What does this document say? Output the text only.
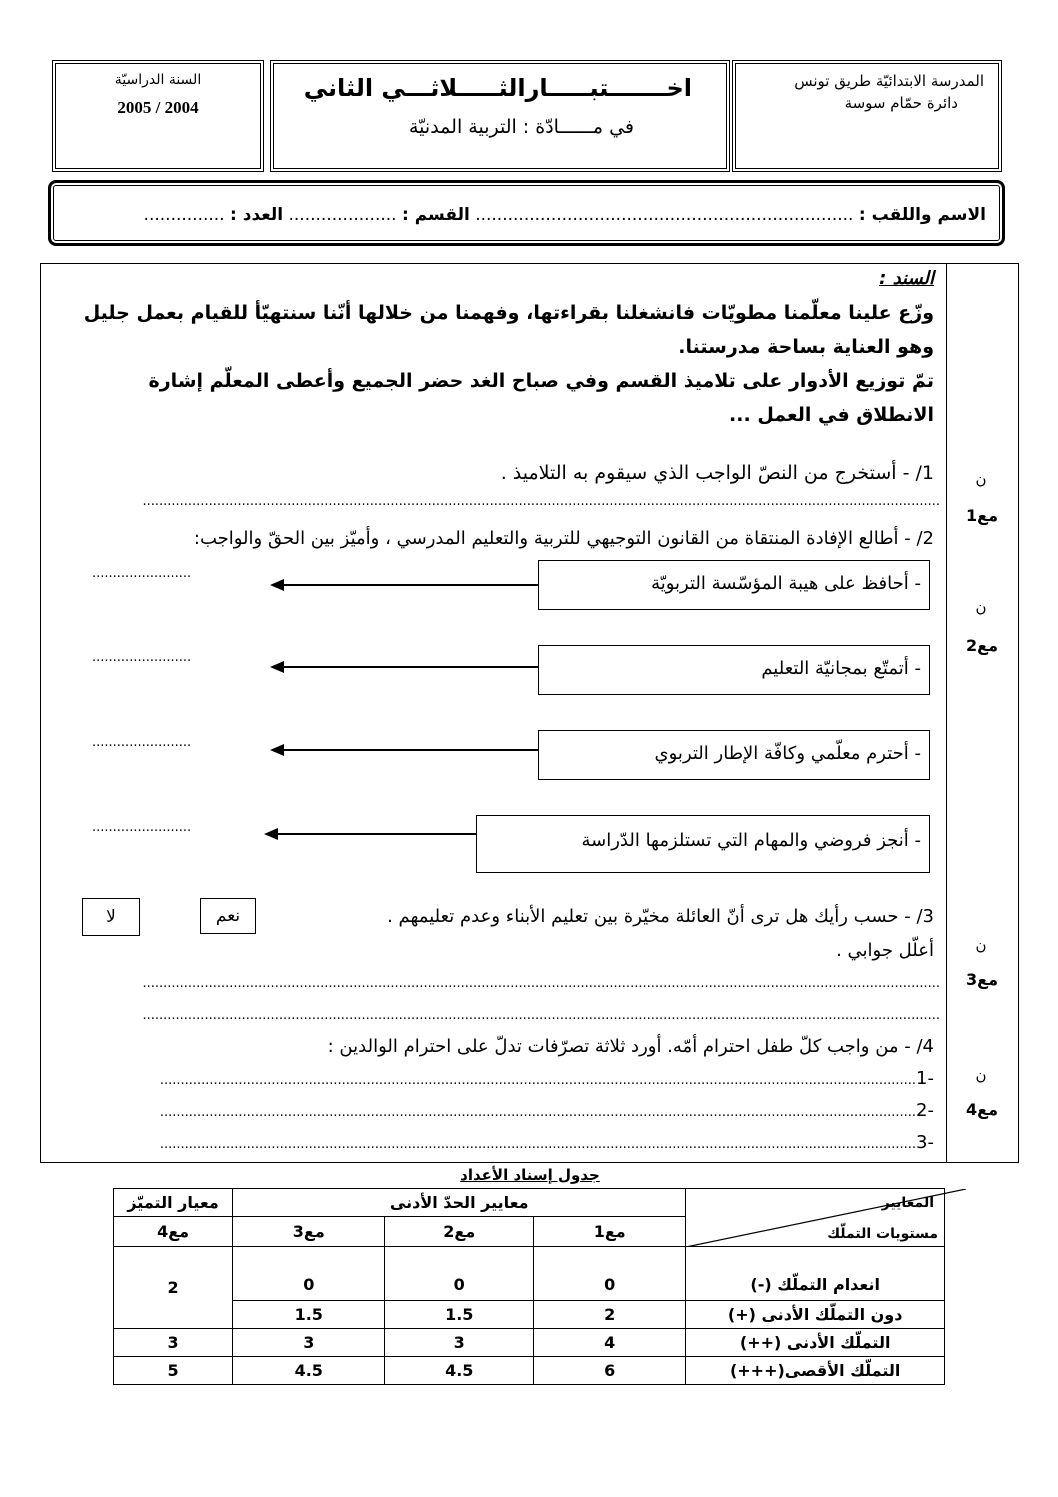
المدرسة الابتدائيّة طريق تونس
دائرة حمّام سوسة
اخـــــــتبـــــارالثـــــلاثـــي الثاني
في مــــــادّة : التربية المدنيّة
السنة الدراسيّة
2005 / 2004
الاسم واللقب : ...................................................................... القسم : .................... العدد : ...............
السند :
وزّع علينا معلّمنا مطويّات فانشغلنا بقراءتها، وفهمنا من خلالها أنّنا سنتهيّأ للقيام بعمل جليل
وهو العناية بساحة مدرستنا.
تمّ توزيع الأدوار على تلاميذ القسم وفي صباح الغد حضر الجميع وأعطى المعلّم إشارة
الانطلاق في العمل ...
1/ - أستخرج من النصّ الواجب الذي سيقوم به التلاميذ .
.................................................................................................................................................................................................
2/ - أطالع الإفادة المنتقاة من القانون التوجيهي للتربية والتعليم المدرسي ، وأميّز بين الحقّ والواجب:
- أحافظ على هيبة المؤسّسة التربويّة
........................
- أتمتّع بمجانيّة التعليم
........................
- أحترم معلّمي وكافّة الإطار التربوي
........................
- أنجز فروضي والمهام التي تستلزمها الدّراسة
........................
3/ - حسب رأيك هل ترى أنّ العائلة مخيّرة بين تعليم الأبناء وعدم تعليمهم .
أعلّل جوابي .
نعم
لا
.................................................................................................................................................................................................
.................................................................................................................................................................................................
4/ - من واجب كلّ طفل احترام أمّه. أورد ثلاثة تصرّفات تدلّ على احترام الوالدين :
-1.......................................................................................................................................................................................
-2.......................................................................................................................................................................................
-3.......................................................................................................................................................................................
ن
مع1
ن
مع2
ن
مع3
ن
مع4
جدول إسناد الأعداد
المعايير
مستويات التملّك	معايير الحدّ الأدنى			معيار التميّز
	مع1	مع2	مع3	مع4
انعدام التملّك (-)	0	0	0	2
دون التملّك الأدنى (+)	2	1.5	1.5	
التملّك الأدنى (++)	4	3	3	3
التملّك الأقصى(+++)	6	4.5	4.5	5
